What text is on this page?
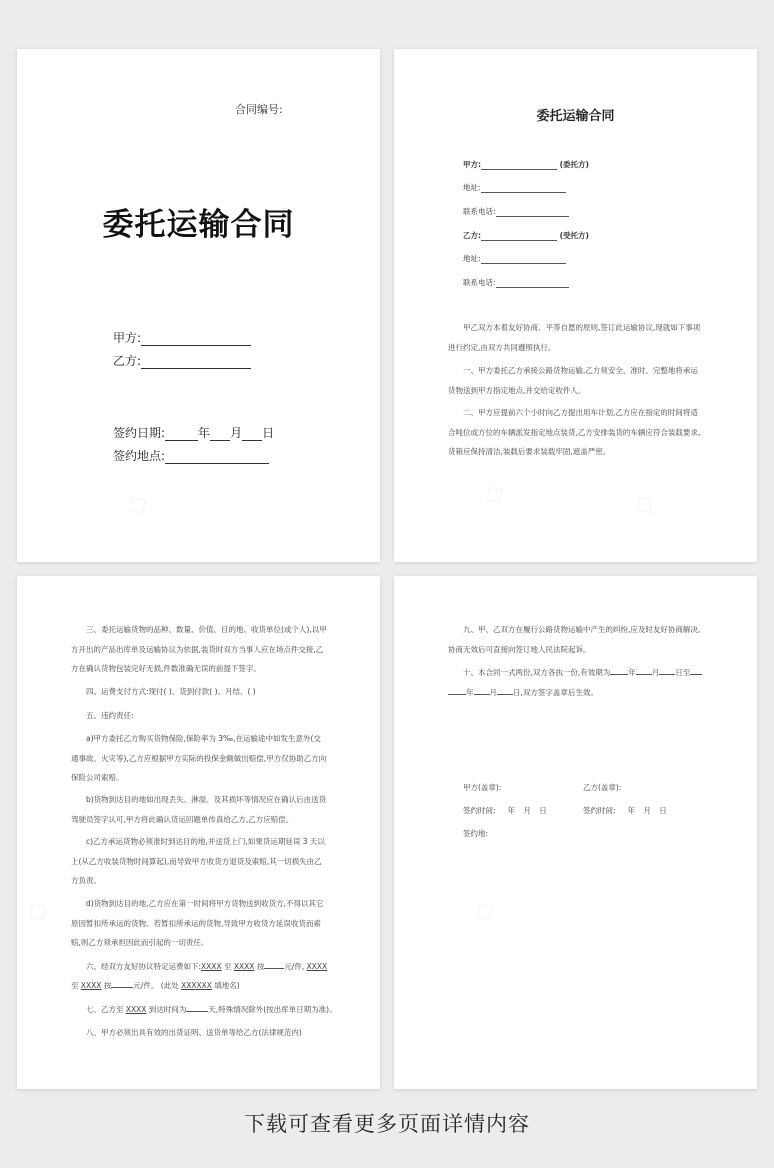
合同编号:
委托运输合同
甲方:
乙方:
签约日期:	年 月 日
签约地点:
委托运输合同
甲方:	(委托方)
地址:
联系电话:
乙方:	(受托方)
地址:
联系电话:
甲乙双方本着友好协商、平等自愿的原则,签订此运输协议,现就如下事项进行约定,由双方共同遵照执行。
一、甲方委托乙方承接公路货物运输,乙方须安全、准时、完整地将承运货物送到甲方指定地点,并交给定收件人。
二、甲方应提前六个小时向乙方提出用车计划,乙方应在指定的时间将适合吨位或方位的车辆派发指定地点装货,乙方安排装货的车辆应符合装载要求,货箱应保持清洁,装载后要求装载牢固,遮盖严密。
三、委托运输货物的品种、数量、价值、目的地、收货单位(或个人),以甲方开出的产品出库单及运输协议为依据,装货时双方当事人应在场点件交接,乙方在确认货物包装完好无损,件数准确无误的前提下签字。
四、运费支付方式:现付( )、货到付款( )、月结、( )
五、违约责任:
a)甲方委托乙方购买货物保险,保险率为 3‰,在运输途中如发生意外(交通事故、火灾等),乙方应根据甲方实际的投保金额做出赔偿,甲方仅协助乙方向保险公司索赔。
b)货物到达目的地如出现丢失、淋湿、及其损坏等情况应在确认后由送货驾驶员签字认可,甲方将此确认货运回题单传真给乙方,乙方应赔偿。
c)乙方承运货物必须准时到达目的地,并送货上门,如果货运期延误 3 天以上(从乙方收装货物时间算起),而导致甲方收货方退货及索赔,其一切损失由乙方负责。
d)货物到达目的地,乙方应在第一时间将甲方货物送到收货方,不得以其它原因暂扣所承运的货物。若暂扣所承运的货物,导致甲方收货方延误收货而索赔,则乙方须承担因此而引起的一切责任。
六、经双方友好协议特定运费如下:XXXX 至 XXXX 按	元/件, XXXX
至 XXXX 按	元/件。 (此处 XXXXXX 填地名)
七、乙方至 XXXX 到达时间为	天,特殊情况除外(按出库单日期为准)。
八、甲方必须出具有效的出货证明、送货单等给乙方(法律规范内)
九、甲、乙双方在履行公路货物运输中产生的纠纷,应及时友好协商解决,协商无效后可直接向签订地人民法院起诉。
十、本合同一式两份,双方各执一份,有效期为 年 月 日至
年 月 日,双方签字盖章后生效。
甲方(盖章):	乙方(盖章):
签约时间: 年 月 日	签约时间: 年 月 日
签约地:
下载可查看更多页面详情内容
